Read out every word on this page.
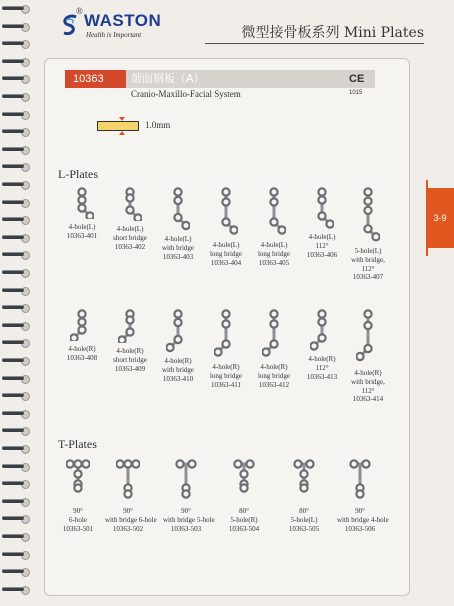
® WASTON
Health is Important	微型接骨板系列 Mini Plates
3-9
10363	颌面钢板（A）	CE 1015
Cranio-Maxillo-Facial System
1.0mm
L-Plates
T-Plates
4-hole(L)
10363-401
4-hole(L)
short bridge
10363-402
4-hole(L)
with bridge
10363-403
4-hole(L)
long bridge
10363-404
4-hole(L)
long bridge
10363-405
4-hole(L)
112°
10363-406	5-hole(L)
with bridge,
112°
10363-407
4-hole(R)
10363-408
4-hole(R)
short bridge
10363-409
4-hole(R)
with bridge
10363-410
4-hole(R)
long bridge
10363-411
4-hole(R)
long bridge
10363-412
4-hole(R)
112°
10363-413	4-hole(R)
with bridge,
112°
10363-414
90°
6-hole
10363-501
90°
with bridge 6-hole
10363-502
90°
with bridge 5-hole
10363-503
80°
5-hole(R)
10363-504
80°
5-hole(L)
10363-505
90°
with bridge 4-hole
10363-506
